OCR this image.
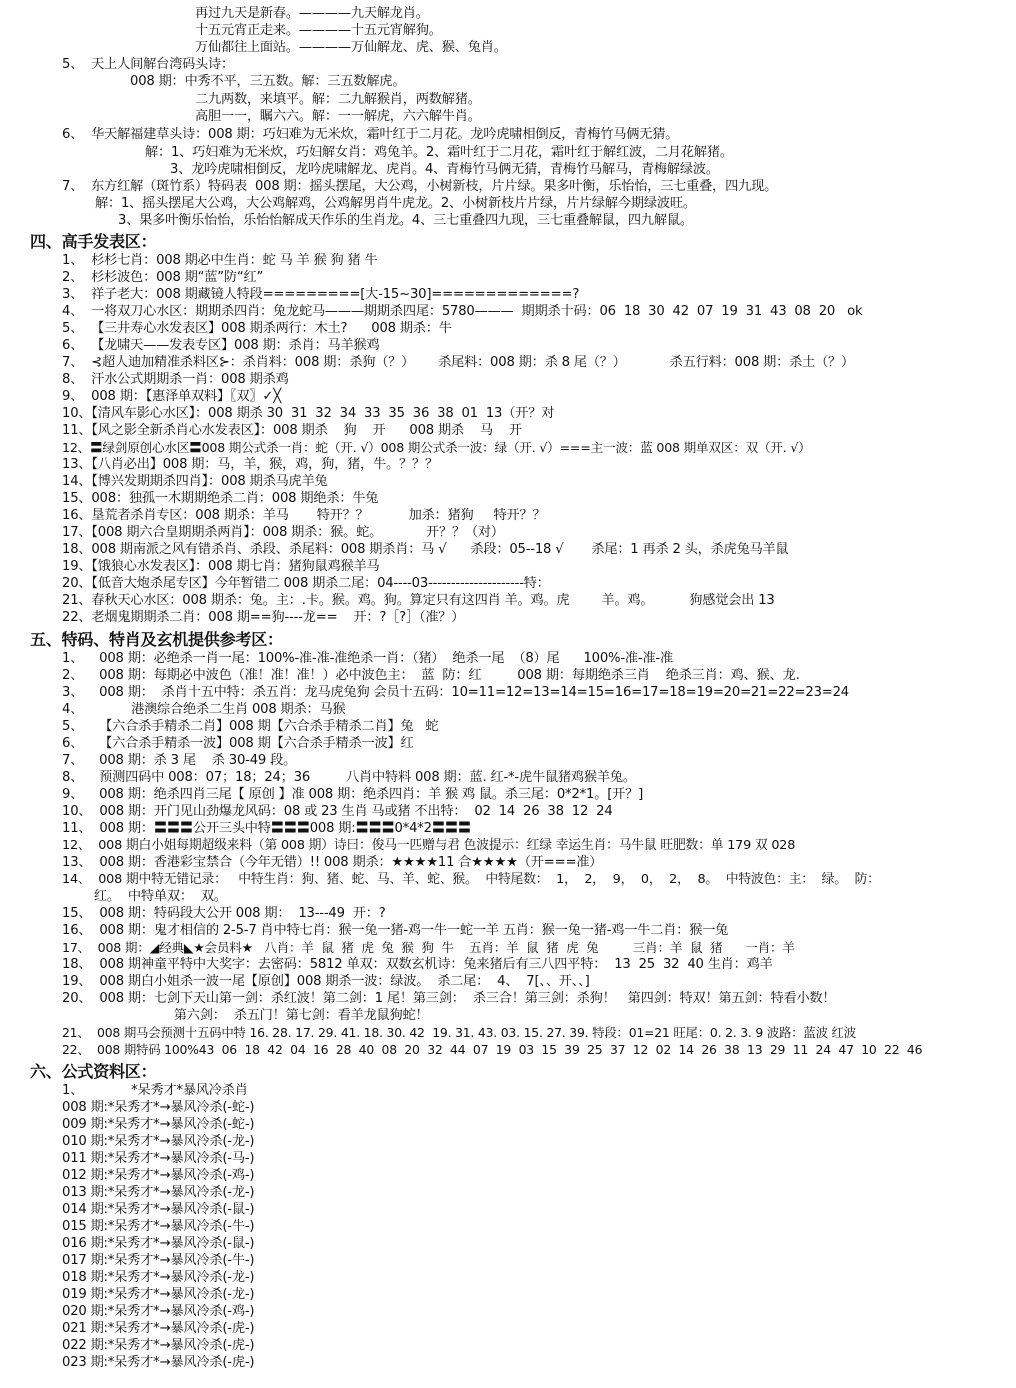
再过九天是新春。————九天解龙肖。
十五元宵正走来。————十五元宵解狗。
万仙都往上面站。————万仙解龙、虎、猴、兔肖。
5、  天上人间解台湾码头诗：
008 期：中秀不平，三五数。解：三五数解虎。
二九两数，来填平。解：二九解猴肖，两数解猪。
高胆一一，瞩六六。解：一一解虎，六六解牛肖。
6、  华天解福建草头诗：008 期：巧妇难为无米炊，霜叶红于二月花。龙吟虎啸相倒反，青梅竹马俩无猜。
解：1、巧妇难为无米炊，巧妇解女肖：鸡兔羊。2、霜叶红于二月花，霜叶红于解红波，二月花解猪。
3、龙吟虎啸相倒反，龙吟虎啸解龙、虎肖。4、青梅竹马俩无猜，青梅竹马解马，青梅解绿波。
7、  东方红解（斑竹系）特码表  008 期：摇头摆尾，大公鸡，小树新枝，片片绿。果多叶衡，乐怡怡，三七重叠，四九现。
解：1、摇头摆尾大公鸡，大公鸡解鸡，公鸡解男肖牛虎龙。2、小树新枝片片绿，片片绿解今期绿波旺。
3、果多叶衡乐怡怡，乐怡怡解成天作乐的生肖龙。4、三七重叠四九现，三七重叠解鼠，四九解鼠。
四、高手发表区：
1、  杉杉七肖：008 期必中生肖：蛇 马 羊 猴 狗 猪 牛
2、  杉杉波色：008 期“蓝”防“红”
3、  祥子老大：008 期藏镜人特段=========[大-15~30]=============?
4、  一将双刀心水区：期期杀四肖：兔龙蛇马———期期杀四尾：5780———  期期杀十码：06  18  30  42  07  19  31  43  08  20   ok
5、  【三井寿心水发表区】008 期杀两行：木土?      008 期杀：牛
6、  【龙啸天——发表专区】008 期：杀肖：马羊猴鸡
7、  ⊰超人迪加精准杀料区⊱：杀肖料：008 期：杀狗（？）      杀尾料：008 期：杀 8 尾（？）           杀五行料：008 期：杀土（？）
8、  汗水公式期期杀一肖：008 期杀鸡
9、  008 期：【惠泽单双料】〖双〗✓╳
10、【清风车影心水区】：008 期杀 30  31  32  34  33  35  36  38  01  13（开？对
11、【风之影全新杀肖心水发表区】：008 期杀    狗    开      008 期杀    马    开
12、〓绿剑原创心水区〓008 期公式杀一肖：蛇（开. √）008 期公式杀一波：绿（开. √）===主一波：蓝 008 期单双区：双（开. √）
13、【八肖必出】008 期：马，羊，猴，鸡，狗，猪，牛。？？？
14、【博兴发期期杀四肖】：008 期杀马虎羊兔
15、008：独孤一木期期绝杀二肖：008 期绝杀：牛兔
16、垦荒者杀肖专区：008 期杀：羊马       特开？？          加杀：猪狗     特开？？
17、【008 期六合皇期期杀两肖】：008 期杀：猴。蛇。           开？？（对）
18、008 期南派之风有错杀肖、杀段、杀尾料：008 期杀肖：马 √      杀段：05--18 √       杀尾：1 再杀 2 头，杀虎兔马羊鼠
19、【饿狼心水发表区】：008 期七肖：猪狗鼠鸡猴羊马
20、【低音大炮杀尾专区】今年暂错二 008 期杀二尾：04----03---------------------特：
21、春秋天心水区：008 期杀：兔。主：.卡。猴。鸡。狗。算定只有这四肖 羊。鸡。虎        羊。鸡。         狗感觉会出 13
22、老烟鬼期期杀二肖：008 期==狗----龙==    开：?［?］（准？）
五、特码、特肖及玄机提供参考区：
1、    008 期：必绝杀一肖一尾：100%-准-准-准绝杀一肖：（猪）  绝杀一尾  （8）尾      100%-准-准-准
2、    008 期：每期必中波色（准！准！准！）必中波色主：  蓝  防：红         008 期：每期绝杀三肖    绝杀三肖：鸡、猴、龙.
3、    008 期：  杀肖十五中特：杀五肖：龙马虎兔狗 会员十五码：10=11=12=13=14=15=16=17=18=19=20=21=22=23=24
4、            港澳综合绝杀二生肖 008 期杀：马猴
5、    【六合杀手精杀二肖】008 期【六合杀手精杀二肖】兔   蛇
6、    【六合杀手精杀一波】008 期【六合杀手精杀一波】红
7、    008 期：杀 3 尾    杀 30-49 段。
8、    预测四码中 008：07；18；24；36         八肖中特料 008 期：蓝. 红-*-虎牛鼠猪鸡猴羊兔。
9、    008 期：绝杀四肖三尾【 原创 】准 008 期：绝杀四肖：羊 猴 鸡 鼠。杀三尾：0*2*1。[开？]
10、  008 期：开门见山劲爆龙风码：08 或 23 生肖 马或猪 不出特：  02  14  26  38  12  24
11、  008 期：〓〓〓公开三头中特〓〓〓008 期:〓〓〓0*4*2〓〓〓
12、  008 期白小姐每期超级来料（第 008 期）诗曰：俊马一匹赠与君 色波提示：红绿 幸运生肖：马牛鼠 旺肥数：单 179 双 028
13、  008 期：香港彩宝禁合（今年无错）!! 008 期杀：★★★★11 合★★★★（开===准）
14、  008 期中特无错记录：   中特生肖：狗、猪、蛇、马、羊、蛇、猴。  中特尾数：  1，  2，  9，  0，  2，  8。  中特波色：主：  绿。  防：
红。  中特单双：  双。
15、  008 期：特码段大公开 008 期：  13---49  开：?
16、  008 期：鬼才相信的 2-5-7 肖中特七肖：猴一兔一猪-鸡一牛一蛇一羊 五肖：猴一兔一猪-鸡一牛二肖：猴一兔
17、  008 期：◢经典◣★会员料★   八肖：羊  鼠  猪  虎  兔  猴  狗  牛    五肖：羊  鼠  猪  虎  兔         三肖：羊  鼠  猪      一肖：羊
18、  008 期神童平特中大奖字：去密码：5812 单双：双数玄机诗：兔来猪后有三八四平特：  13  25  32  40 生肖：鸡羊
19、  008 期白小姐杀一波一尾【原创】008 期杀一波：绿波。  杀二尾：  4、  7[、、开、、]
20、  008 期：七剑下天山第一剑：杀红波！第二剑：1 尾！第三剑：  杀三合！第三剑：杀狗！   第四剑：特双！第五剑：特看小数！
第六剑：  杀五门！第七剑：看羊龙鼠狗蛇！
21、  008 期马会预测十五码中特 16. 28. 17. 29. 41. 18. 30. 42  19. 31. 43. 03. 15. 27. 39. 特段：01=21 旺尾：0. 2. 3. 9 波路：蓝波 红波
22、  008 期特码 100%43  06  18  42  04  16  28  40  08  20  32  44  07  19  03  15  39  25  37  12  02  14  26  38  13  29  11  24  47  10  22  46
六、公式资料区：
1、            *呆秀才*暴风冷杀肖
008 期:*呆秀才*→暴风冷杀(-蛇-)
009 期:*呆秀才*→暴风冷杀(-蛇-)
010 期:*呆秀才*→暴风冷杀(-龙-)
011 期:*呆秀才*→暴风冷杀(-马-)
012 期:*呆秀才*→暴风冷杀(-鸡-)
013 期:*呆秀才*→暴风冷杀(-龙-)
014 期:*呆秀才*→暴风冷杀(-鼠-)
015 期:*呆秀才*→暴风冷杀(-牛-)
016 期:*呆秀才*→暴风冷杀(-鼠-)
017 期:*呆秀才*→暴风冷杀(-牛-)
018 期:*呆秀才*→暴风冷杀(-龙-)
019 期:*呆秀才*→暴风冷杀(-龙-)
020 期:*呆秀才*→暴风冷杀(-鸡-)
021 期:*呆秀才*→暴风冷杀(-虎-)
022 期:*呆秀才*→暴风冷杀(-虎-)
023 期:*呆秀才*→暴风冷杀(-虎-)
